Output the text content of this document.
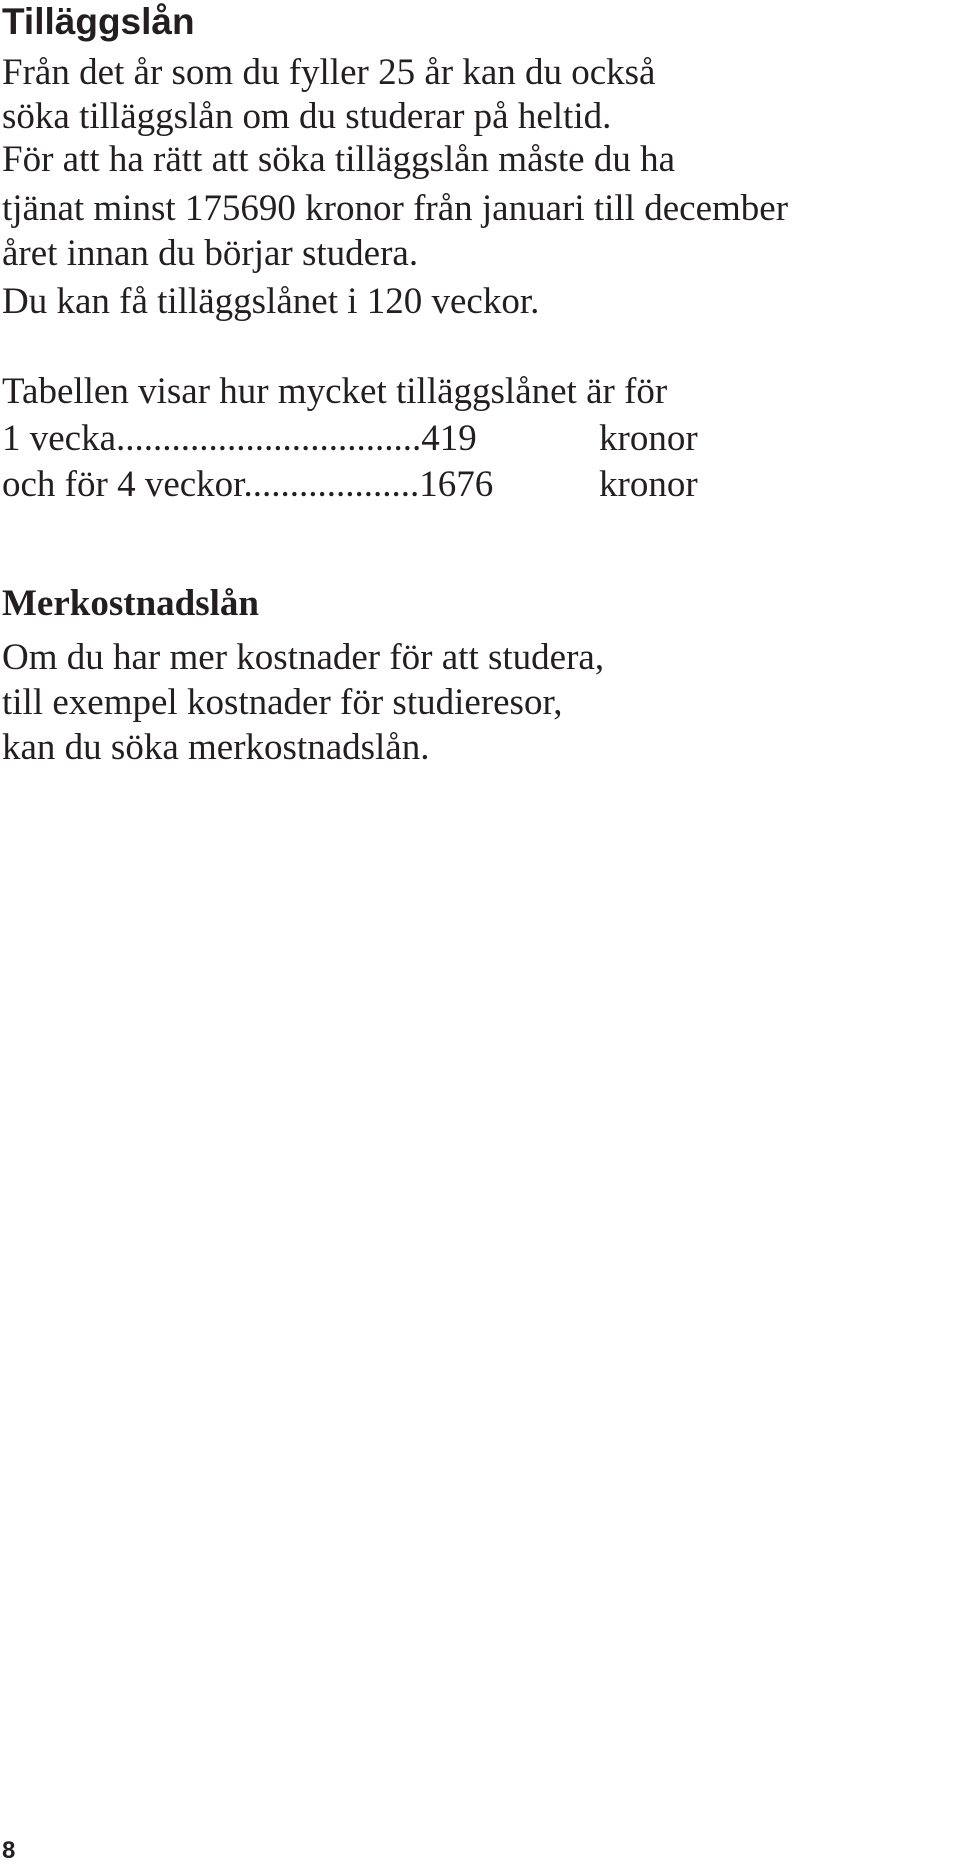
Tilläggslån

Från det år som du fyller 25 år kan du också

söka tilläggslån om du studerar på heltid.

För att ha rätt att söka tilläggslån måste du ha

tjänat minst 175690 kronor från januari till december

året innan du börjar studera.

Du kan få tilläggslånet i 120 veckor.

Tabellen visar hur mycket tilläggslånet är för

1 vecka.................................419	kronor
och för 4 veckor...................1676	kronor
Merkostnadslån

Om du har mer kostnader för att studera,

till exempel kostnader för studieresor,

kan du söka merkostnadslån.

8
